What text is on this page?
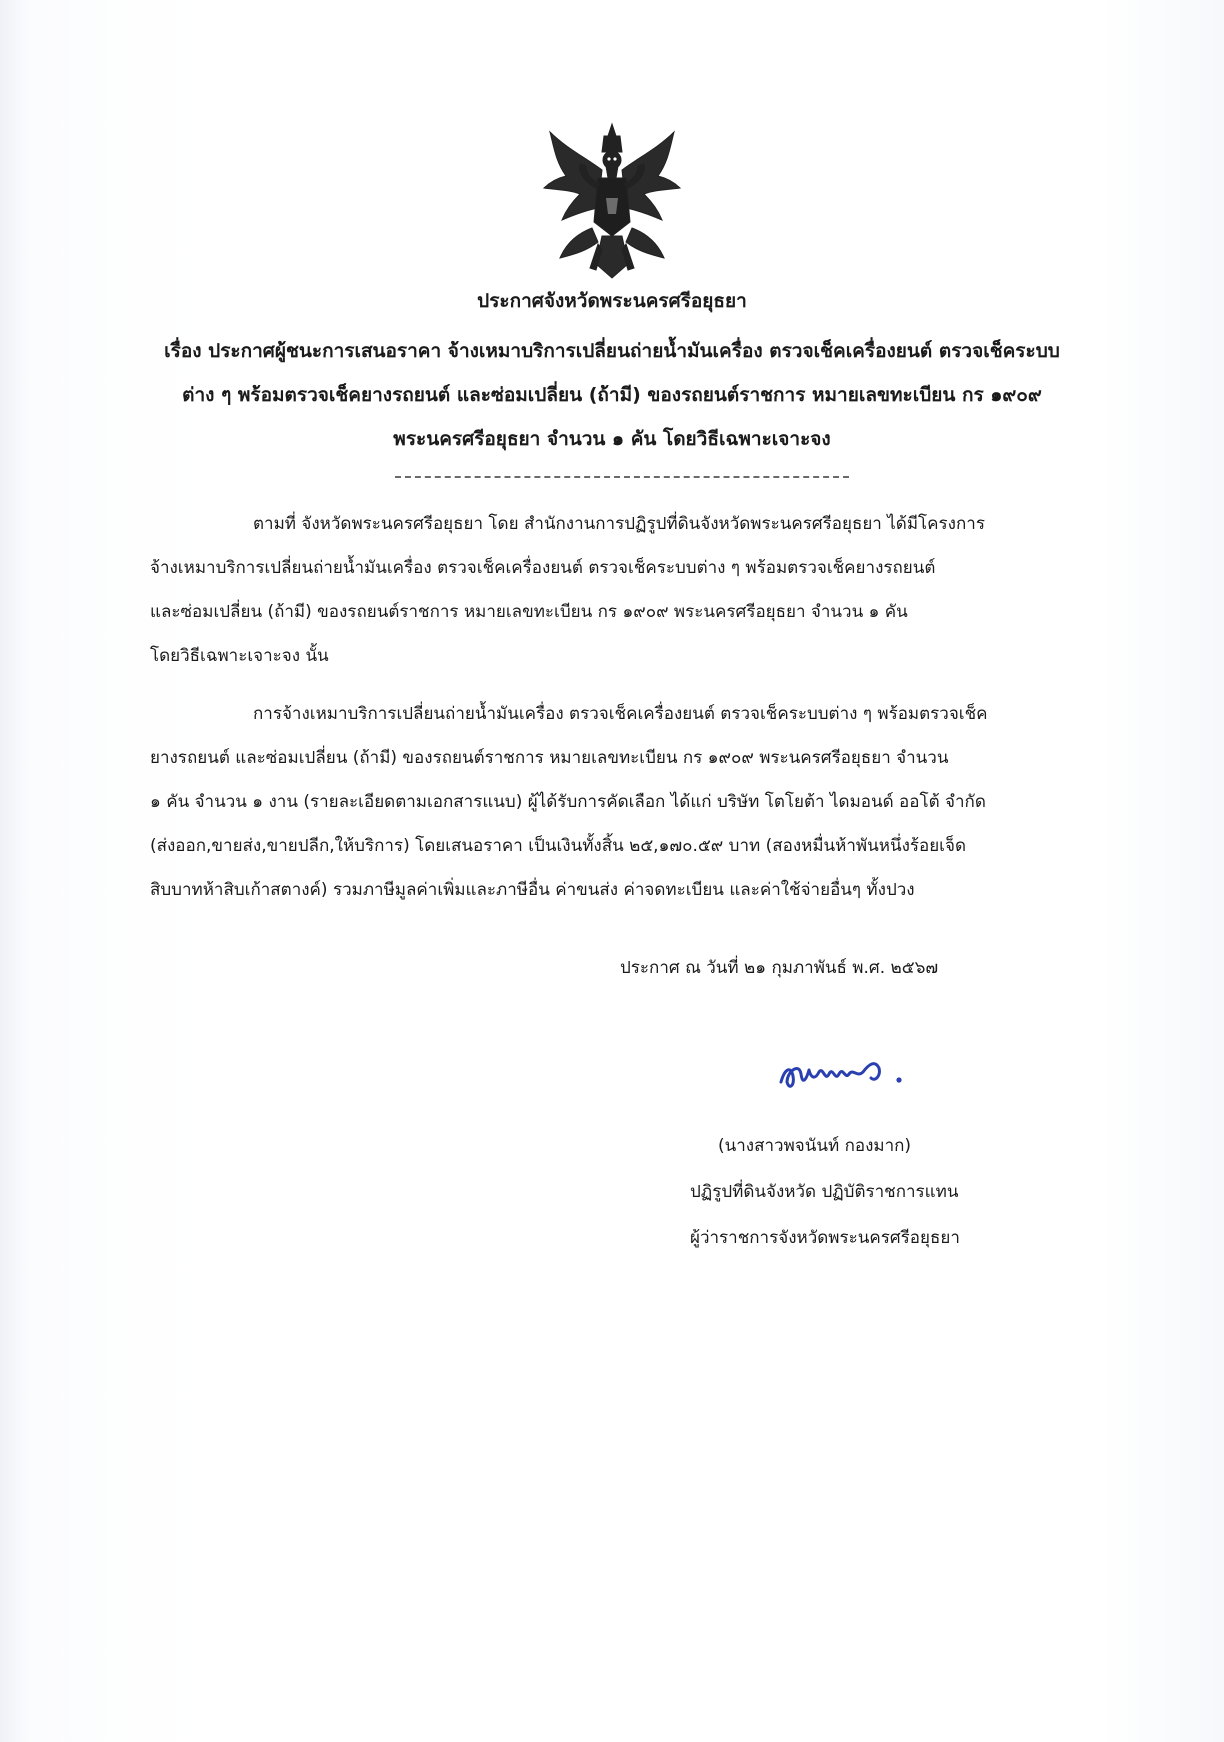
ประกาศจังหวัดพระนครศรีอยุธยา
เรื่อง ประกาศผู้ชนะการเสนอราคา จ้างเหมาบริการเปลี่ยนถ่ายน้ำมันเครื่อง ตรวจเช็คเครื่องยนต์ ตรวจเช็คระบบ
ต่าง ๆ พร้อมตรวจเช็คยางรถยนต์ และซ่อมเปลี่ยน (ถ้ามี) ของรถยนต์ราชการ หมายเลขทะเบียน กร ๑๙๐๙
พระนครศรีอยุธยา จำนวน ๑ คัน โดยวิธีเฉพาะเจาะจง
ตามที่ จังหวัดพระนครศรีอยุธยา โดย สำนักงานการปฏิรูปที่ดินจังหวัดพระนครศรีอยุธยา ได้มีโครงการ
จ้างเหมาบริการเปลี่ยนถ่ายน้ำมันเครื่อง ตรวจเช็คเครื่องยนต์ ตรวจเช็คระบบต่าง ๆ พร้อมตรวจเช็คยางรถยนต์
และซ่อมเปลี่ยน (ถ้ามี) ของรถยนต์ราชการ หมายเลขทะเบียน กร ๑๙๐๙ พระนครศรีอยุธยา จำนวน ๑ คัน
โดยวิธีเฉพาะเจาะจง นั้น
การจ้างเหมาบริการเปลี่ยนถ่ายน้ำมันเครื่อง ตรวจเช็คเครื่องยนต์ ตรวจเช็คระบบต่าง ๆ พร้อมตรวจเช็ค
ยางรถยนต์ และซ่อมเปลี่ยน (ถ้ามี) ของรถยนต์ราชการ หมายเลขทะเบียน กร ๑๙๐๙ พระนครศรีอยุธยา จำนวน
๑ คัน จำนวน ๑ งาน (รายละเอียดตามเอกสารแนบ) ผู้ได้รับการคัดเลือก ได้แก่ บริษัท โตโยต้า ไดมอนด์ ออโต้ จำกัด
(ส่งออก,ขายส่ง,ขายปลีก,ให้บริการ) โดยเสนอราคา เป็นเงินทั้งสิ้น ๒๕,๑๗๐.๕๙ บาท (สองหมื่นห้าพันหนึ่งร้อยเจ็ด
สิบบาทห้าสิบเก้าสตางค์) รวมภาษีมูลค่าเพิ่มและภาษีอื่น ค่าขนส่ง ค่าจดทะเบียน และค่าใช้จ่ายอื่นๆ ทั้งปวง
ประกาศ ณ วันที่ ๒๑ กุมภาพันธ์ พ.ศ. ๒๕๖๗
(นางสาวพจนันท์ กองมาก)
ปฏิรูปที่ดินจังหวัด ปฏิบัติราชการแทน
ผู้ว่าราชการจังหวัดพระนครศรีอยุธยา
